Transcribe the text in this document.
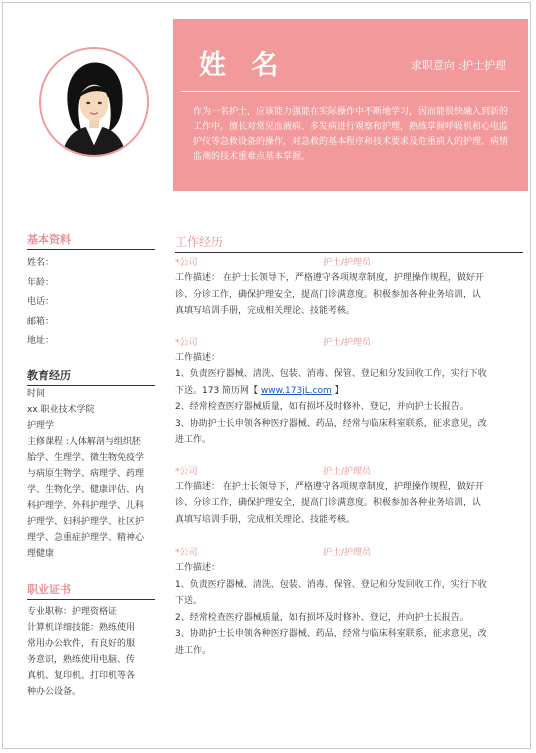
姓 名	求职意向 :护士护理
作为一名护士，应该能力强能在实际操作中不断地学习，因而能很快融入到新的工作中。擅长对常见血液病、多发病进行观察和护理，熟练掌握呼吸机和心电监护仪等急救设备的操作，对急救的基本程序和技术要求及危重病人的护理、病情监测的技术重难点基本掌握。
基本资料
姓名：
年龄：
电话：
邮箱：
地址：
教育经历
时间
xx 职业技术学院
护理学
主修课程 :人体解剖与组织胚
胎学、生理学、微生物免疫学
与病原生物学、病理学、药理
学、生物化学、健康评估、内
科护理学、外科护理学、儿科
护理学、妇科护理学、社区护
理学、急重症护理学、精神心
理健康
职业证书
专业职称：护理资格证
计算机详细技能：熟练使用
常用办公软件，有良好的服
务意识，熟练使用电脑、传
真机、复印机、打印机等各
种办公设备。
工作经历
*公司	护士/护理员
工作描述： 在护士长领导下，严格遵守各项规章制度，护理操作规程，做好开
诊、分诊工作，确保护理安全，提高门诊满意度。积极参加各种业务培训，认
真填写培训手册，完成相关理论、技能考核。
*公司	护士/护理员
工作描述：
1、负责医疗器械、清洗、包装、消毒、保管、登记和分发回收工作，实行下收
下送。173 简历网【 www.173jL.com 】
2、经常检查医疗器械质量，如有损坏及时修补、登记，并向护士长报告。
3、协助护士长申领各种医疗器械、药品，经常与临床科室联系，征求意见，改
进工作。
*公司	护士/护理员
工作描述： 在护士长领导下，严格遵守各项规章制度，护理操作规程，做好开
诊、分诊工作，确保护理安全，提高门诊满意度。积极参加各种业务培训，认
真填写培训手册，完成相关理论、技能考核。
*公司	护士/护理员
工作描述：
1、负责医疗器械、清洗、包装、消毒、保管、登记和分发回收工作，实行下收
下送。
2、经常检查医疗器械质量，如有损坏及时修补、登记，并向护士长报告。
3、协助护士长申领各种医疗器械、药品，经常与临床科室联系，征求意见，改
进工作。
